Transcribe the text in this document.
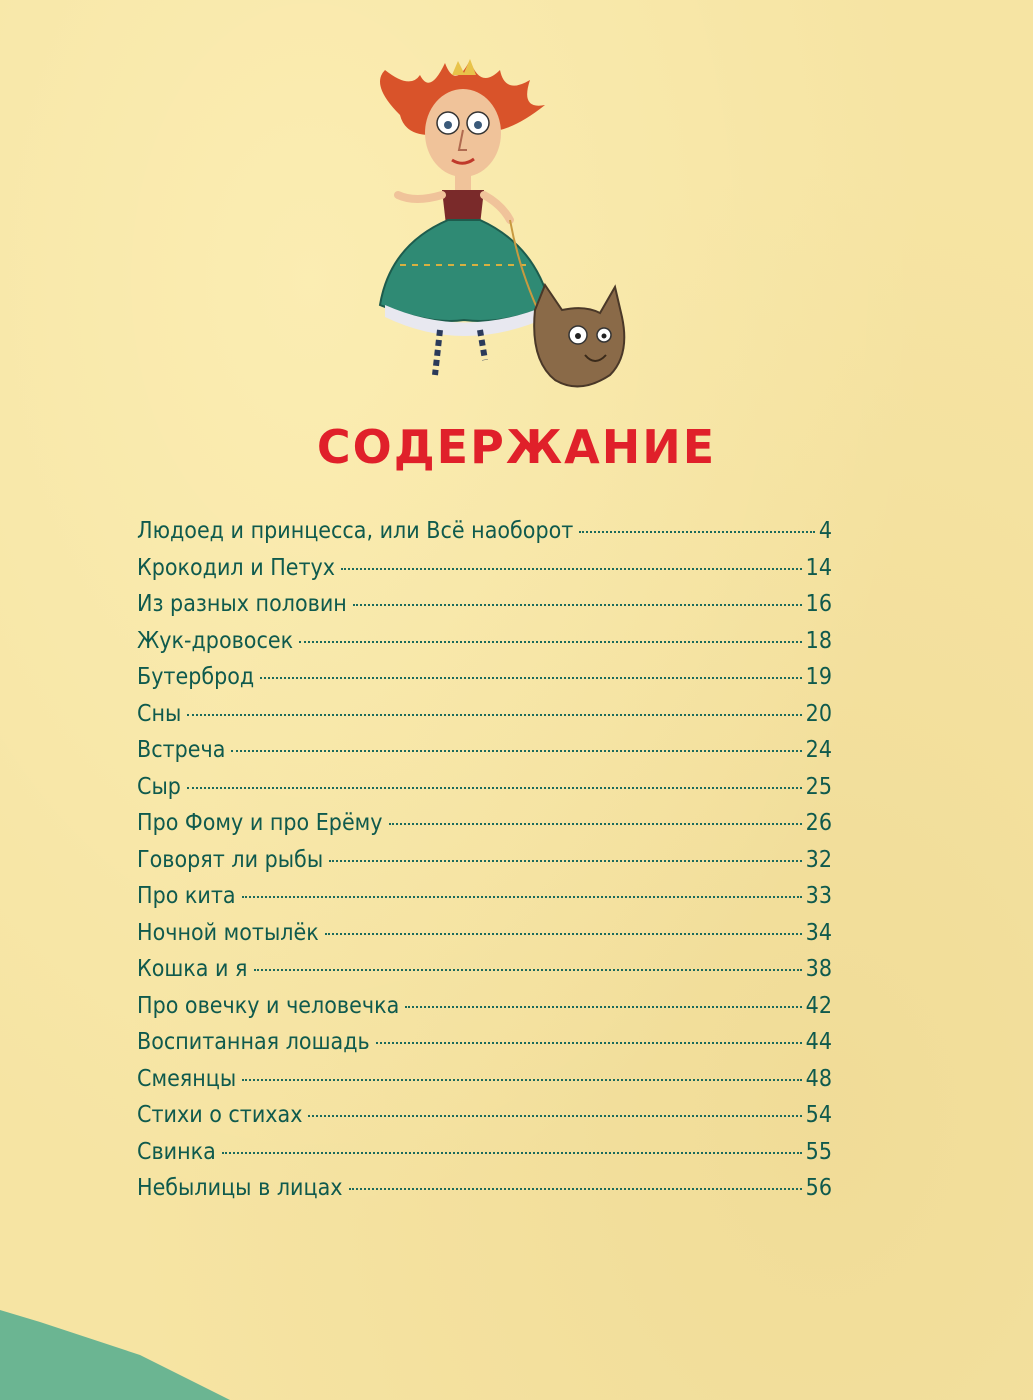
СОДЕРЖАНИЕ
Людоед и принцесса, или Всё наоборот	4
Крокодил и Петух	14
Из разных половин	16
Жук-дровосек	18
Бутерброд	19
Сны	20
Встреча	24
Сыр	25
Про Фому и про Ерёму	26
Говорят ли рыбы	32
Про кита	33
Ночной мотылёк	34
Кошка и я	38
Про овечку и человечка	42
Воспитанная лошадь	44
Смеянцы	48
Стихи о стихах	54
Свинка	55
Небылицы в лицах	56
